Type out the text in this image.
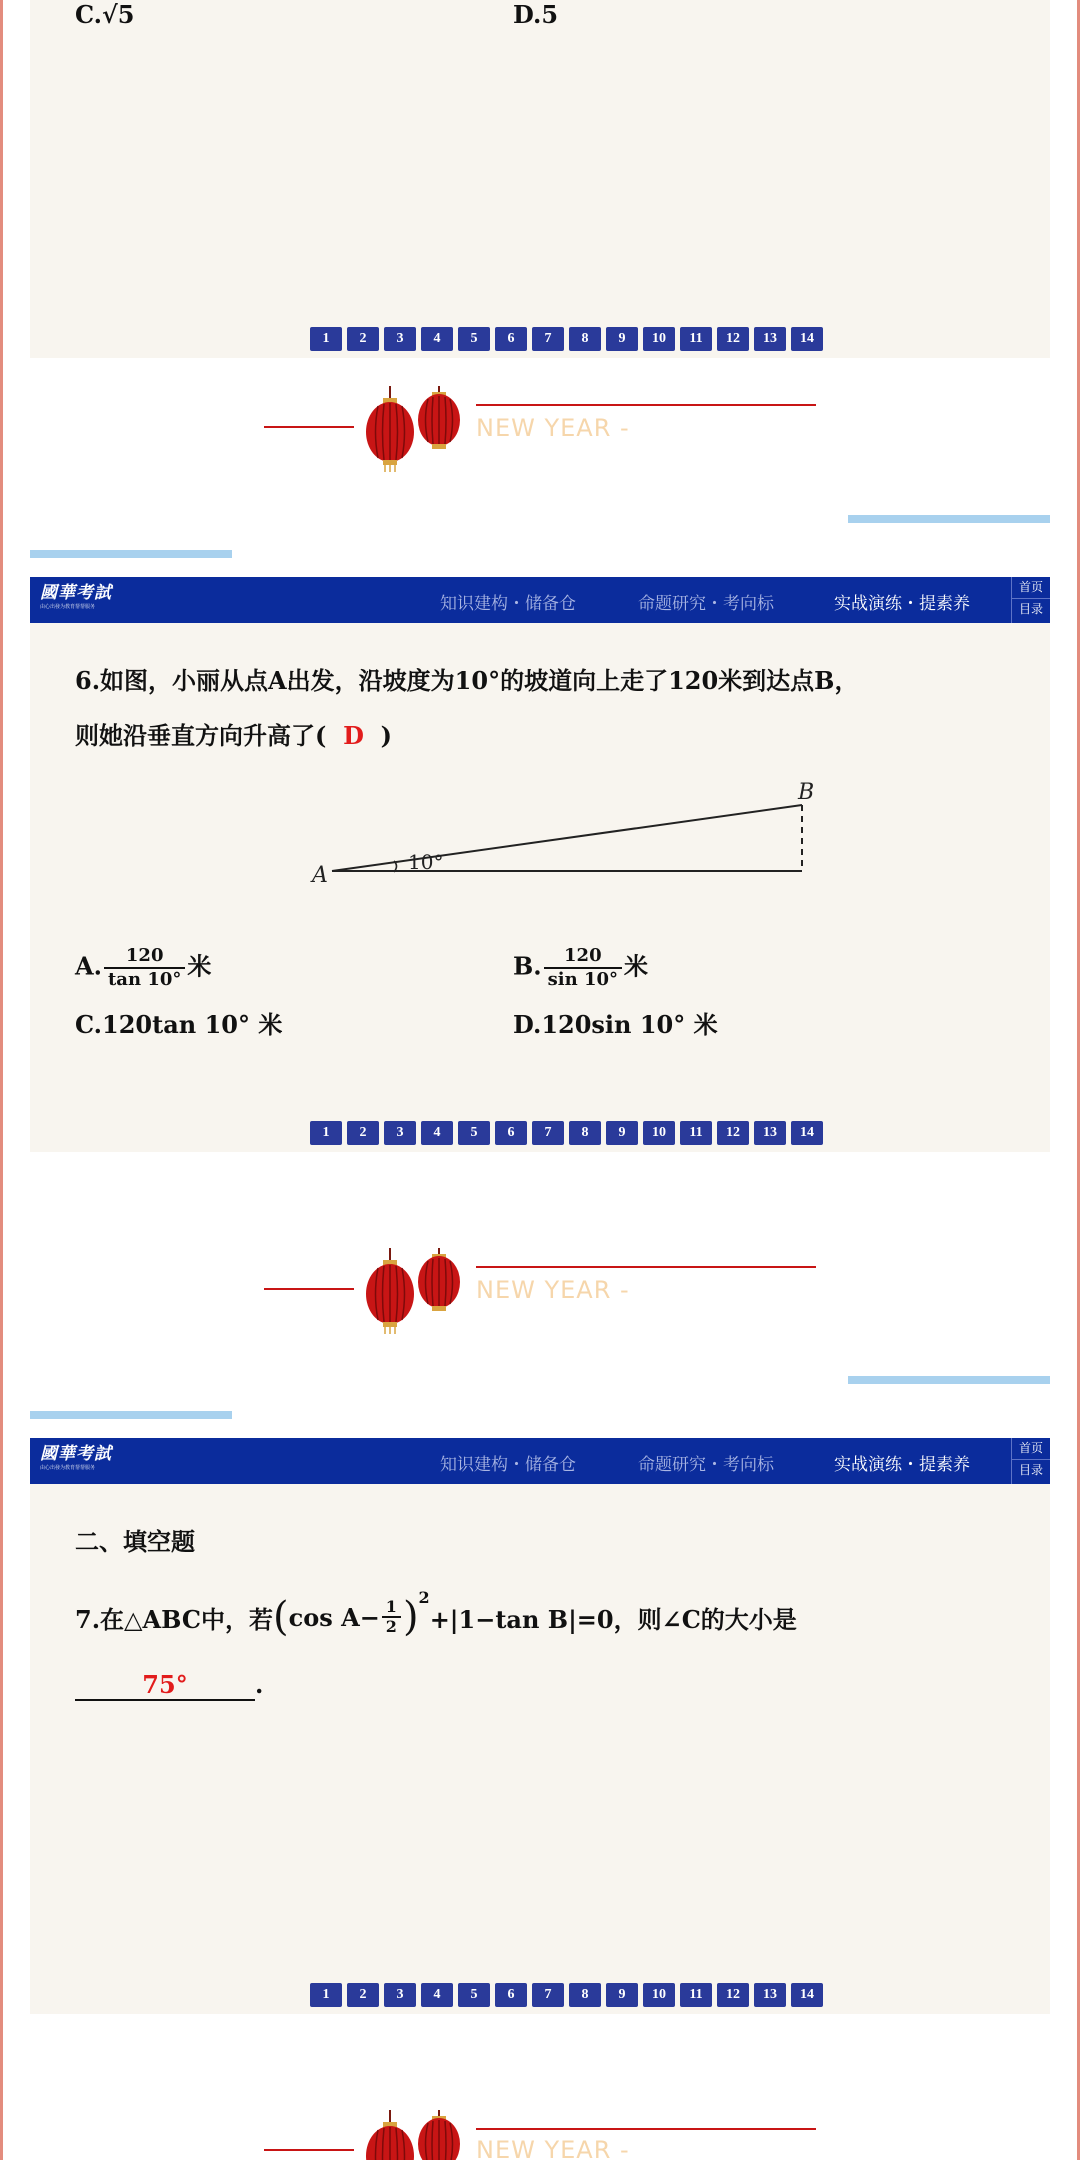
C.√5	D.5
1	2	3	4	5	6	7	8	9	10	11	12	13	14
NEW YEAR -
國華考試
由心出發为教育帮帮服务	知识建构・储备仓	命题研究・考向标	实战演练・提素养
首页
目录
6.如图，小丽从点A出发，沿坡度为10°的坡道向上走了120米到达点B，
则她沿垂直方向升高了( D )
A
B
10°
A. $\frac{120}{\tan 10^\circ}$ 米	B. $\frac{120}{\sin 10^\circ}$ 米
C.120tan 10° 米	D.120sin 10° 米
1	2	3	4	5	6	7	8	9	10	11	12	13	14
NEW YEAR -
國華考試
由心出發为教育帮帮服务	知识建构・储备仓	命题研究・考向标	实战演练・提素养
首页
目录
二、填空题
7.在△ABC中，若 ( $\cos A- \frac{1}{2} )^2$
+|1−tan B|=0，则∠C的大小是
75°	.
1	2	3	4	5	6	7	8	9	10	11	12	13	14
NEW YEAR -
